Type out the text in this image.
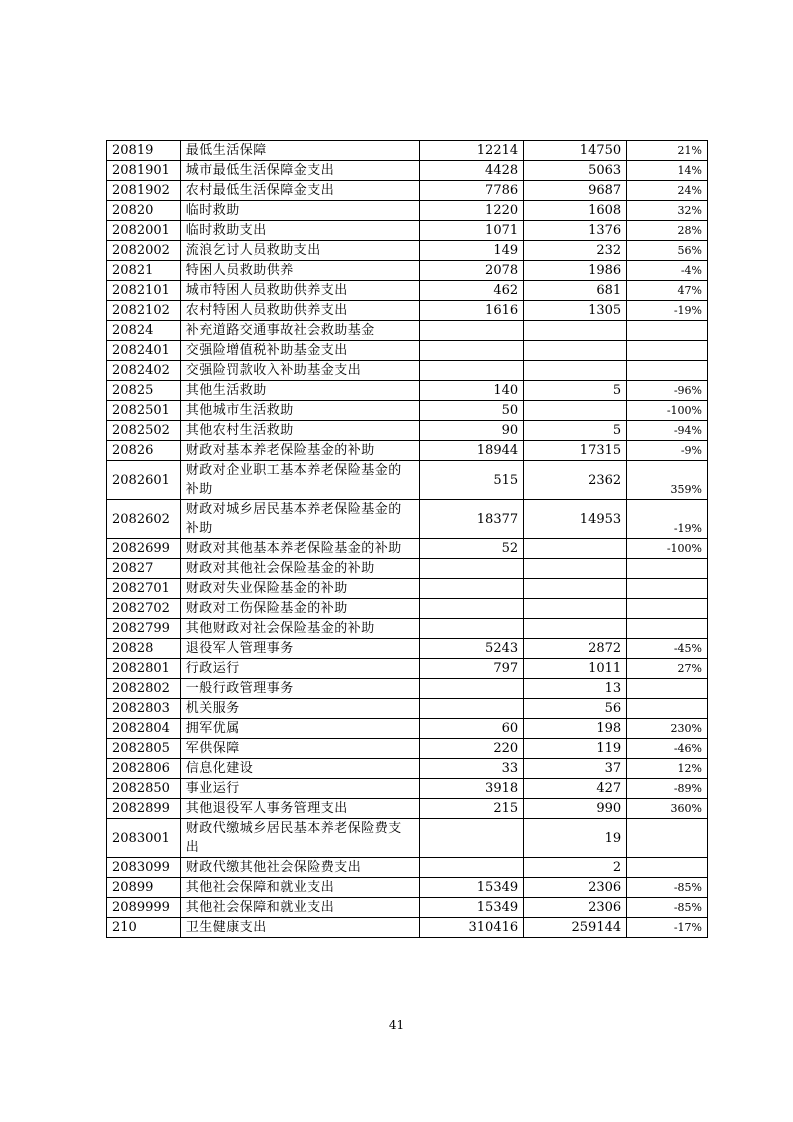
20819	最低生活保障	12214	14750	21%
2081901	城市最低生活保障金支出	4428	5063	14%
2081902	农村最低生活保障金支出	7786	9687	24%
20820	临时救助	1220	1608	32%
2082001	临时救助支出	1071	1376	28%
2082002	流浪乞讨人员救助支出	149	232	56%
20821	特困人员救助供养	2078	1986	-4%
2082101	城市特困人员救助供养支出	462	681	47%
2082102	农村特困人员救助供养支出	1616	1305	-19%
20824	补充道路交通事故社会救助基金			
2082401	交强险增值税补助基金支出			
2082402	交强险罚款收入补助基金支出			
20825	其他生活救助	140	5	-96%
2082501	其他城市生活救助	50		-100%
2082502	其他农村生活救助	90	5	-94%
20826	财政对基本养老保险基金的补助	18944	17315	-9%
2082601	财政对企业职工基本养老保险基金的补助	515	2362	359%
2082602	财政对城乡居民基本养老保险基金的补助	18377	14953	-19%
2082699	财政对其他基本养老保险基金的补助	52		-100%
20827	财政对其他社会保险基金的补助			
2082701	财政对失业保险基金的补助			
2082702	财政对工伤保险基金的补助			
2082799	其他财政对社会保险基金的补助			
20828	退役军人管理事务	5243	2872	-45%
2082801	行政运行	797	1011	27%
2082802	一般行政管理事务		13	
2082803	机关服务		56	
2082804	拥军优属	60	198	230%
2082805	军供保障	220	119	-46%
2082806	信息化建设	33	37	12%
2082850	事业运行	3918	427	-89%
2082899	其他退役军人事务管理支出	215	990	360%
2083001	财政代缴城乡居民基本养老保险费支出		19	
2083099	财政代缴其他社会保险费支出		2	
20899	其他社会保障和就业支出	15349	2306	-85%
2089999	其他社会保障和就业支出	15349	2306	-85%
210	卫生健康支出	310416	259144	-17%
41
